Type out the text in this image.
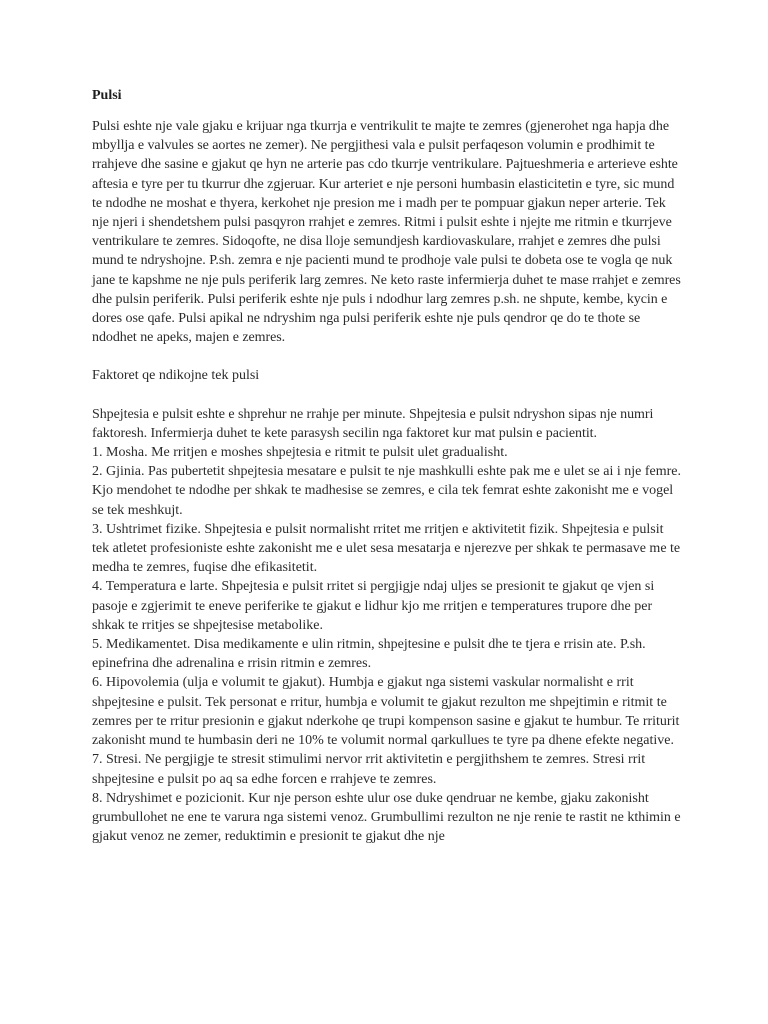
Pulsi

Pulsi eshte nje vale gjaku e krijuar nga tkurrja e ventrikulit te majte te zemres (gjenerohet nga hapja dhe mbyllja e valvules se aortes ne zemer). Ne pergjithesi vala e pulsit perfaqeson volumin e prodhimit te rrahjeve dhe sasine e gjakut qe hyn ne arterie pas cdo tkurrje ventrikulare. Pajtueshmeria e arterieve eshte aftesia e tyre per tu tkurrur dhe zgjeruar. Kur arteriet e nje personi humbasin elasticitetin e tyre, sic mund te ndodhe ne moshat e thyera, kerkohet nje presion me i madh per te pompuar gjakun neper arterie. Tek nje njeri i shendetshem pulsi pasqyron rrahjet e zemres. Ritmi i pulsit eshte i njejte me ritmin e tkurrjeve ventrikulare te zemres. Sidoqofte, ne disa lloje semundjesh kardiovaskulare, rrahjet e zemres dhe pulsi mund te ndryshojne. P.sh. zemra e nje pacienti mund te prodhoje vale pulsi te dobeta ose te vogla qe nuk jane te kapshme ne nje puls periferik larg zemres. Ne keto raste infermierja duhet te mase rrahjet e zemres dhe pulsin periferik. Pulsi periferik eshte nje puls i ndodhur larg zemres p.sh. ne shpute, kembe, kycin e dores ose qafe. Pulsi apikal ne ndryshim nga pulsi periferik eshte nje puls qendror qe do te thote se ndodhet ne apeks, majen e zemres.

Faktoret qe ndikojne tek pulsi

Shpejtesia e pulsit eshte e shprehur ne rrahje per minute. Shpejtesia e pulsit ndryshon sipas nje numri faktoresh. Infermierja duhet te kete parasysh secilin nga faktoret kur mat pulsin e pacientit.

1. Mosha. Me rritjen e moshes shpejtesia e ritmit te pulsit ulet gradualisht.
2. Gjinia. Pas pubertetit shpejtesia mesatare e pulsit te nje mashkulli eshte pak me e ulet se ai i nje femre. Kjo mendohet te ndodhe per shkak te madhesise se zemres, e cila tek femrat eshte zakonisht me e vogel se tek meshkujt.
3. Ushtrimet fizike. Shpejtesia e pulsit normalisht rritet me rritjen e aktivitetit fizik. Shpejtesia e pulsit tek atletet profesioniste eshte zakonisht me e ulet sesa mesatarja e njerezve per shkak te permasave me te medha te zemres, fuqise dhe efikasitetit.
4. Temperatura e larte. Shpejtesia e pulsit rritet si pergjigje ndaj uljes se presionit te gjakut qe vjen si pasoje e zgjerimit te eneve periferike te gjakut e lidhur kjo me rritjen e temperatures trupore dhe per shkak te rritjes se shpejtesise metabolike.
5. Medikamentet. Disa medikamente e ulin ritmin, shpejtesine e pulsit dhe te tjera e rrisin ate. P.sh. epinefrina dhe adrenalina e rrisin ritmin e zemres.
6. Hipovolemia (ulja e volumit te gjakut). Humbja e gjakut nga sistemi vaskular normalisht e rrit shpejtesine e pulsit. Tek personat e rritur, humbja e volumit te gjakut rezulton me shpejtimin e ritmit te zemres per te rritur presionin e gjakut nderkohe qe trupi kompenson sasine e gjakut te humbur. Te rriturit zakonisht mund te humbasin deri ne 10% te volumit normal qarkullues te tyre pa dhene efekte negative.
7. Stresi. Ne pergjigje te stresit stimulimi nervor rrit aktivitetin e pergjithshem te zemres. Stresi rrit shpejtesine e pulsit po aq sa edhe forcen e rrahjeve te zemres.
8. Ndryshimet e pozicionit. Kur nje person eshte ulur ose duke qendruar ne kembe, gjaku zakonisht grumbullohet ne ene te varura nga sistemi venoz. Grumbullimi rezulton ne nje renie te rastit ne kthimin e gjakut venoz ne zemer, reduktimin e presionit te gjakut dhe nje
